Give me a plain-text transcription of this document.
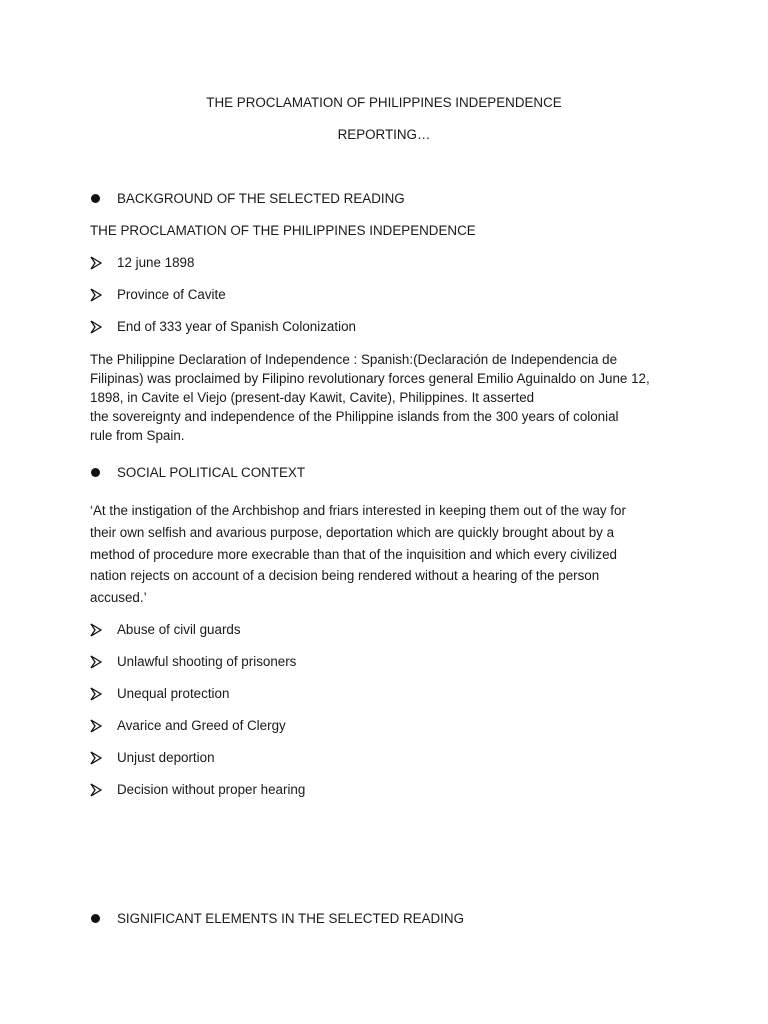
THE PROCLAMATION OF PHILIPPINES INDEPENDENCE
REPORTING…
BACKGROUND OF THE SELECTED READING
THE PROCLAMATION OF THE PHILIPPINES INDEPENDENCE
12 june 1898
Province of Cavite
End of 333 year of Spanish Colonization
The Philippine Declaration of Independence : Spanish:(Declaración de Independencia de
Filipinas) was proclaimed by Filipino revolutionary forces general Emilio Aguinaldo on June 12,
1898, in Cavite el Viejo (present-day Kawit, Cavite), Philippines. It asserted
the sovereignty and independence of the Philippine islands from the 300 years of colonial
rule from Spain.
SOCIAL POLITICAL CONTEXT
‘At the instigation of the Archbishop and friars interested in keeping them out of the way for
their own selfish and avarious purpose, deportation which are quickly brought about by a
method of procedure more execrable than that of the inquisition and which every civilized
nation rejects on account of a decision being rendered without a hearing of the person
accused.’
Abuse of civil guards
Unlawful shooting of prisoners
Unequal protection
Avarice and Greed of Clergy
Unjust deportion
Decision without proper hearing
SIGNIFICANT ELEMENTS IN THE SELECTED READING
